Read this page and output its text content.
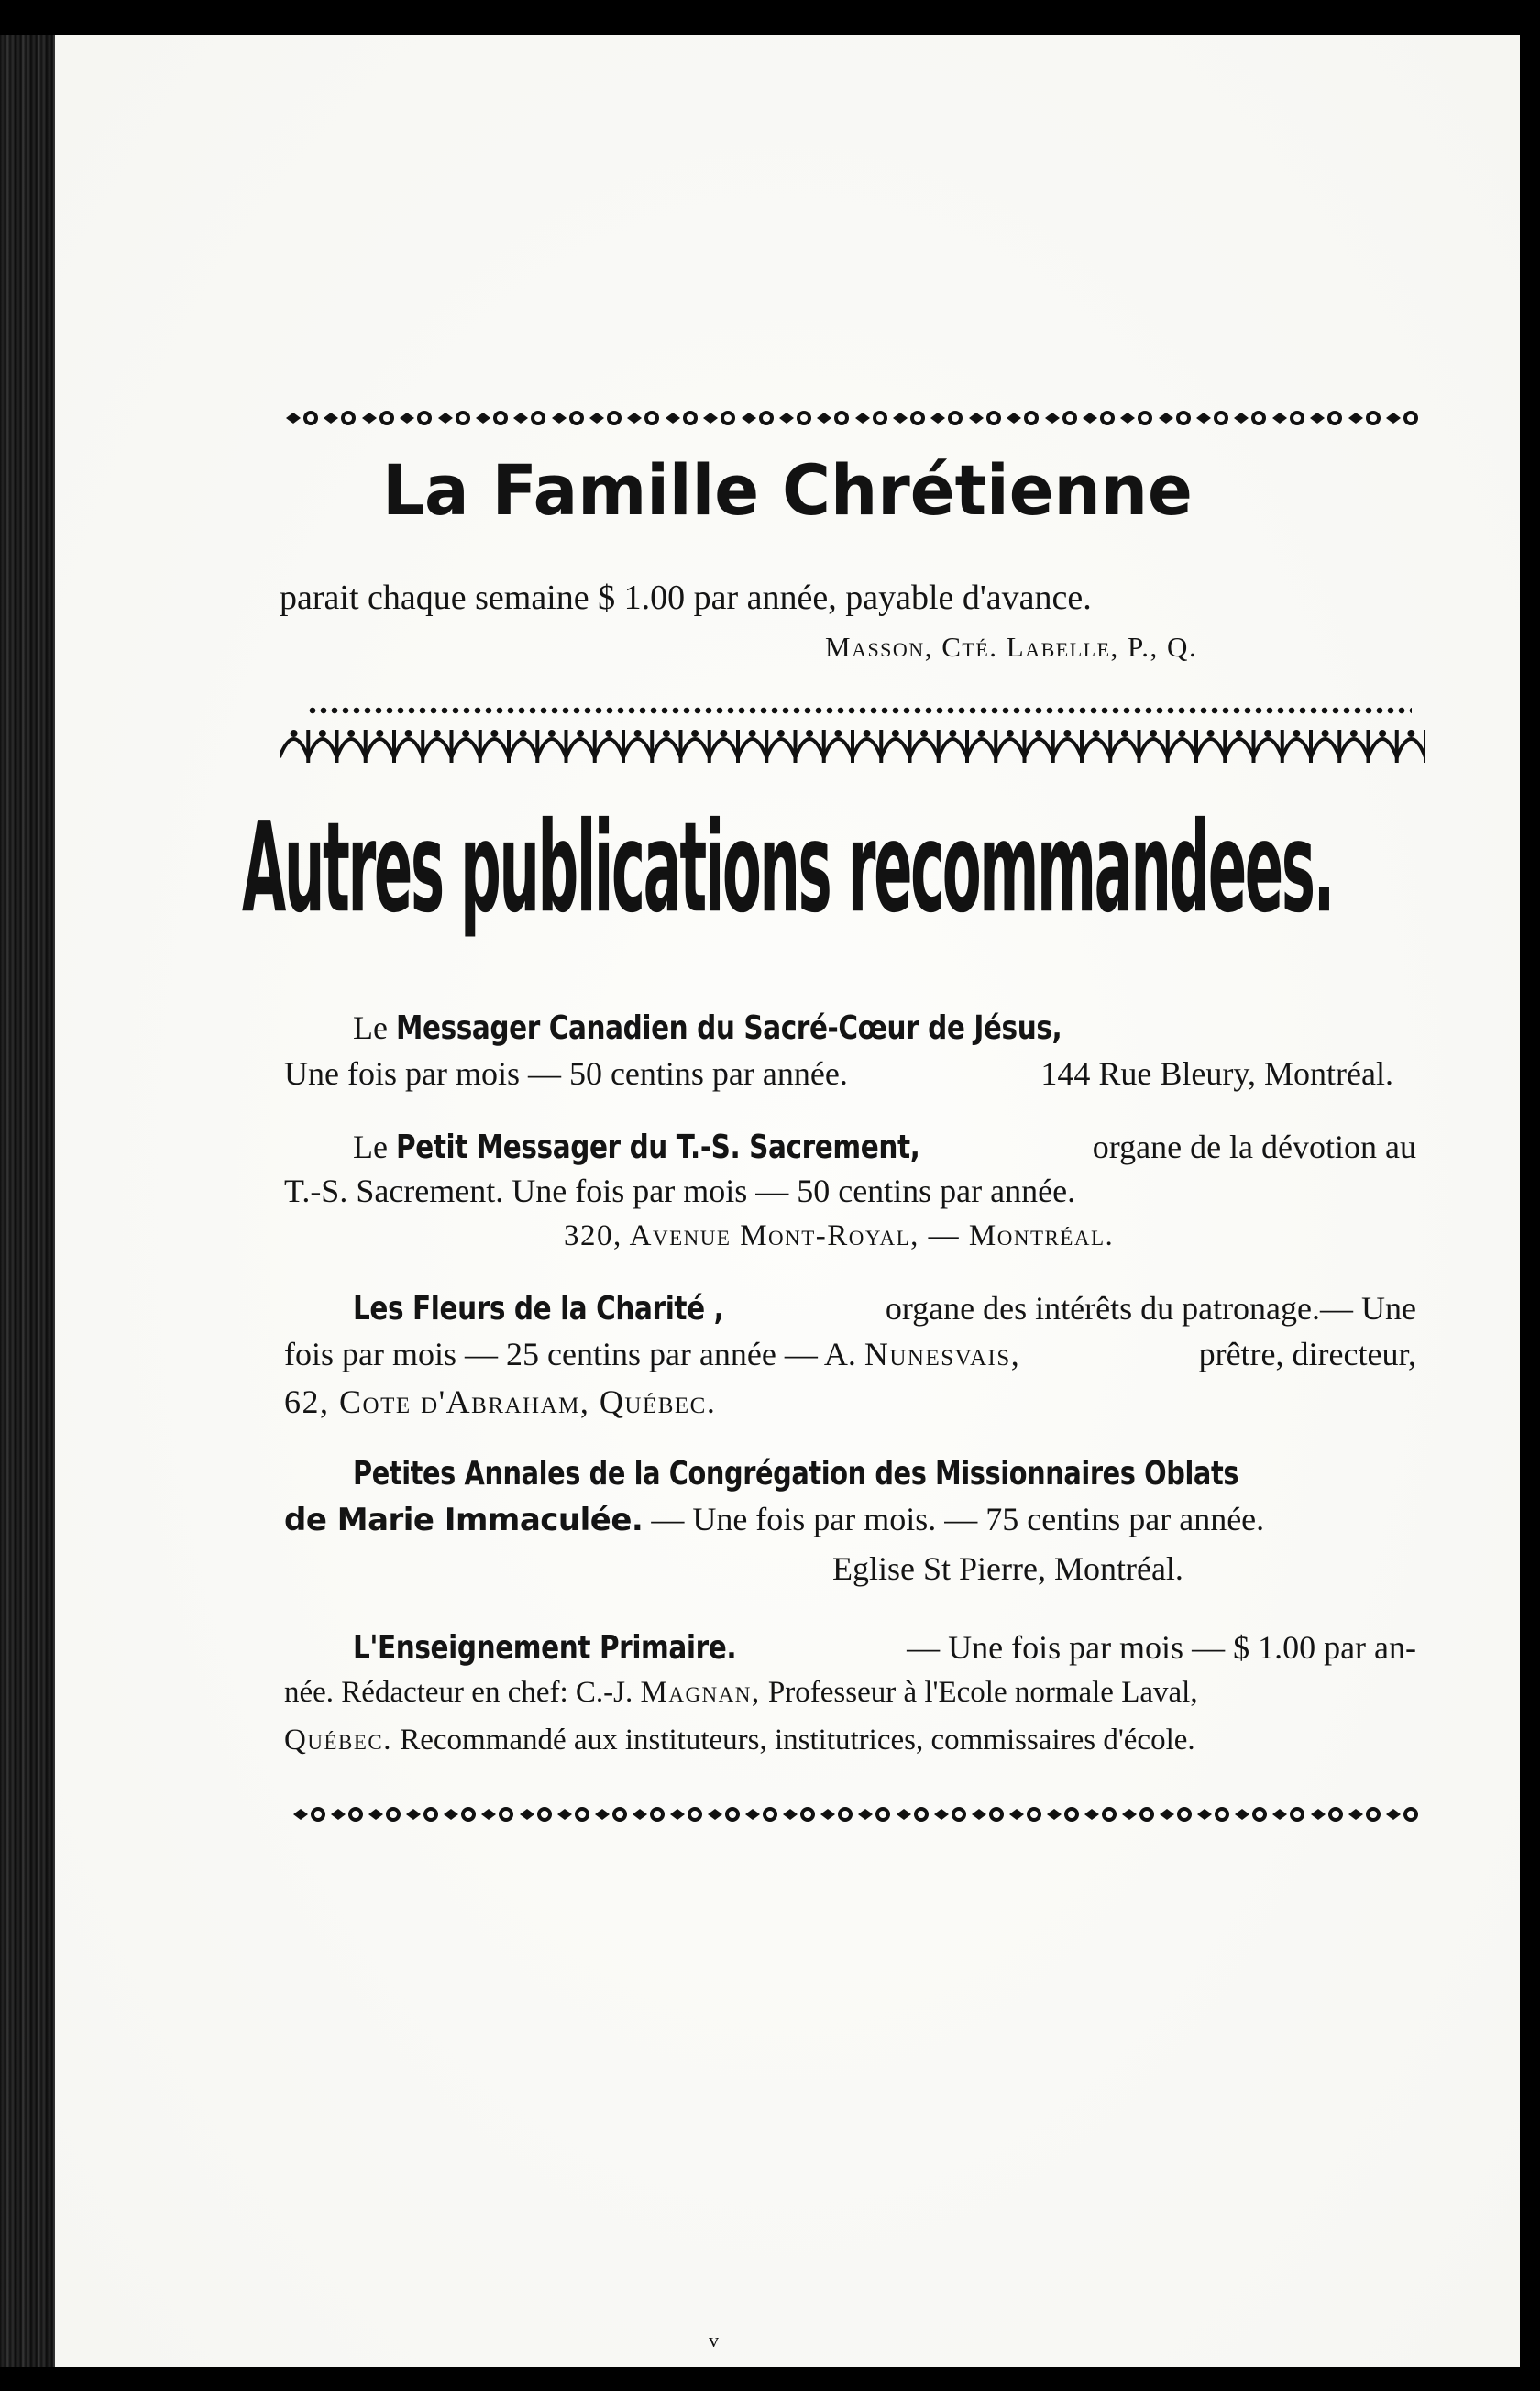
La Famille Chrétienne
parait chaque semaine $ 1.00 par année, payable d'avance.
Masson, Cté. Labelle, P., Q.
Autres publications recommandees.
Le Messager Canadien du Sacré-Cœur de Jésus,
Une fois par mois — 50 centins par année.	144 Rue Bleury, Montréal.
Le Petit Messager du T.-S. Sacrement,	organe de la dévotion au
T.-S. Sacrement. Une fois par mois — 50 centins par année.
320, Avenue Mont-Royal, — Montréal.
Les Fleurs de la Charité ,	organe des intérêts du patronage.— Une
fois par mois — 25 centins par année — A. Nunesvais,	prêtre, directeur,
62, Cote d'Abraham, Québec.
Petites Annales de la Congrégation des Missionnaires Oblats
de Marie Immaculée. — Une fois par mois. — 75 centins par année.
Eglise St Pierre, Montréal.
L'Enseignement Primaire.	— Une fois par mois — $ 1.00 par an-
née. Rédacteur en chef: C.-J. Magnan, Professeur à l'Ecole normale Laval,
Québec. Recommandé aux instituteurs, institutrices, commissaires d'école.
v
